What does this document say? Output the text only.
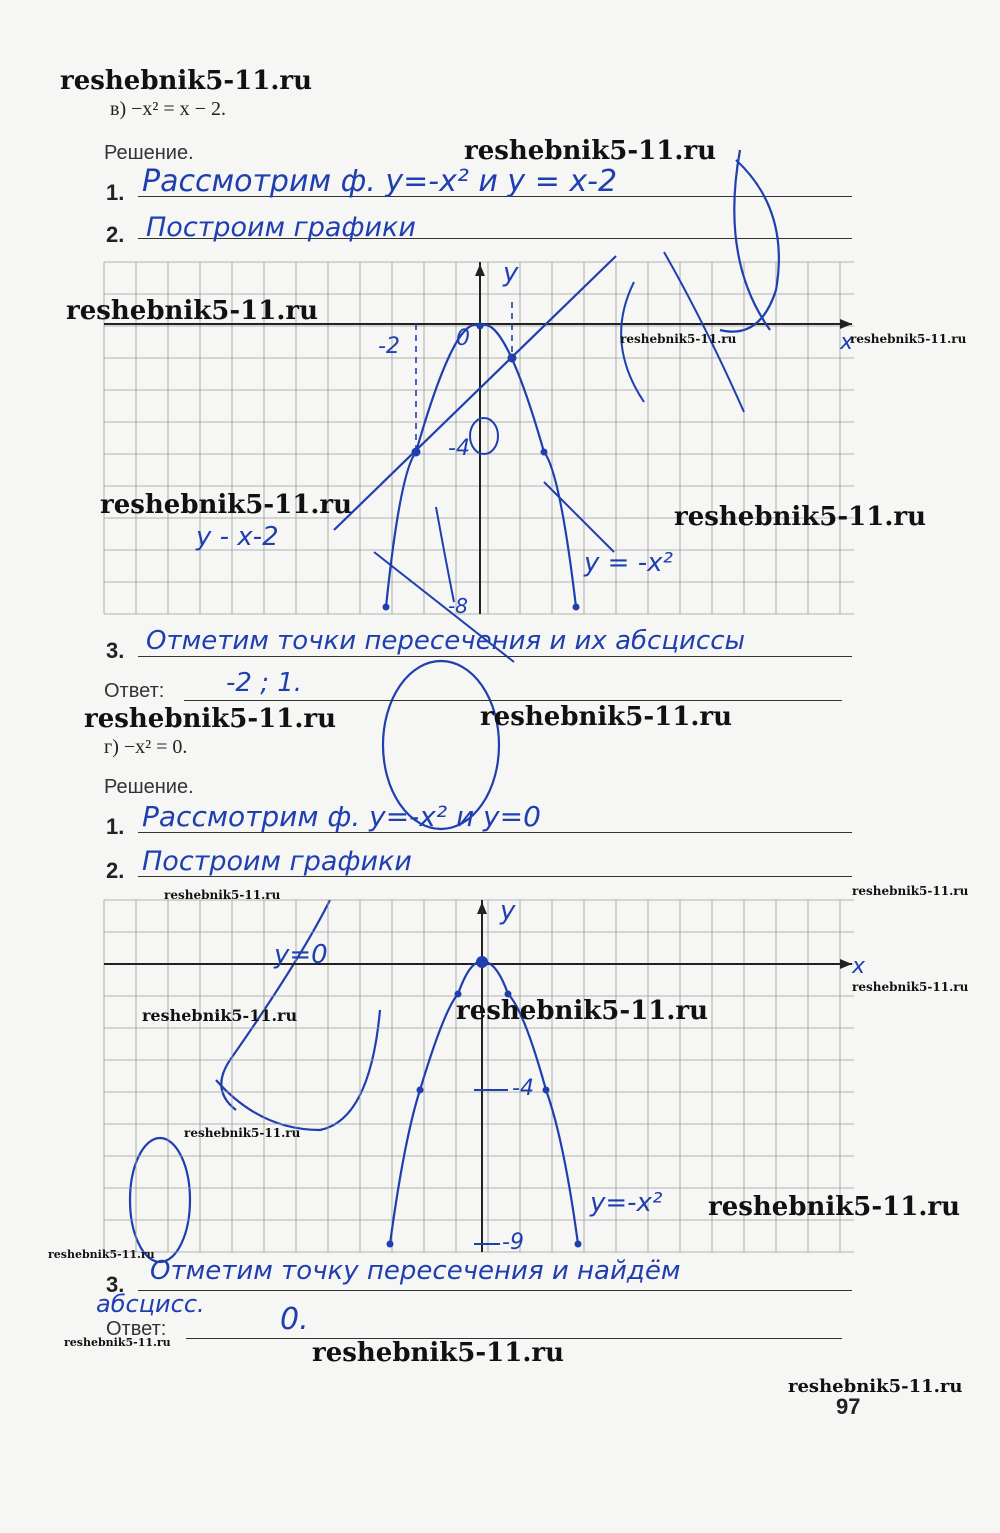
в) −x² = x − 2.
Решение.
1. Рассмотрим ф. y=-x² и y = x-2
2. Построим графики
y
x
0
-2
-4
-8
y - x-2
y = -x²
3. Отметим точки пересечения и их абсциссы
Ответ: -2 ; 1.
г) −x² = 0.
Решение.
1. Рассмотрим ф. y=-x² и y=0
2. Построим графики
y
x
y=0
-4
-9
y=-x²
3. Отметим точку пересечения и найдём
абсцисс.
Ответ:	0.
97
reshebnik5-11.ru
reshebnik5-11.ru
reshebnik5-11.ru
reshebnik5-11.ru	reshebnik5-11.ru
reshebnik5-11.ru	reshebnik5-11.ru
reshebnik5-11.ru	reshebnik5-11.ru
reshebnik5-11.ru	reshebnik5-11.ru
reshebnik5-11.ru
reshebnik5-11.ru	reshebnik5-11.ru
reshebnik5-11.ru
reshebnik5-11.ru
reshebnik5-11.ru
reshebnik5-11.ru	reshebnik5-11.ru
reshebnik5-11.ru
